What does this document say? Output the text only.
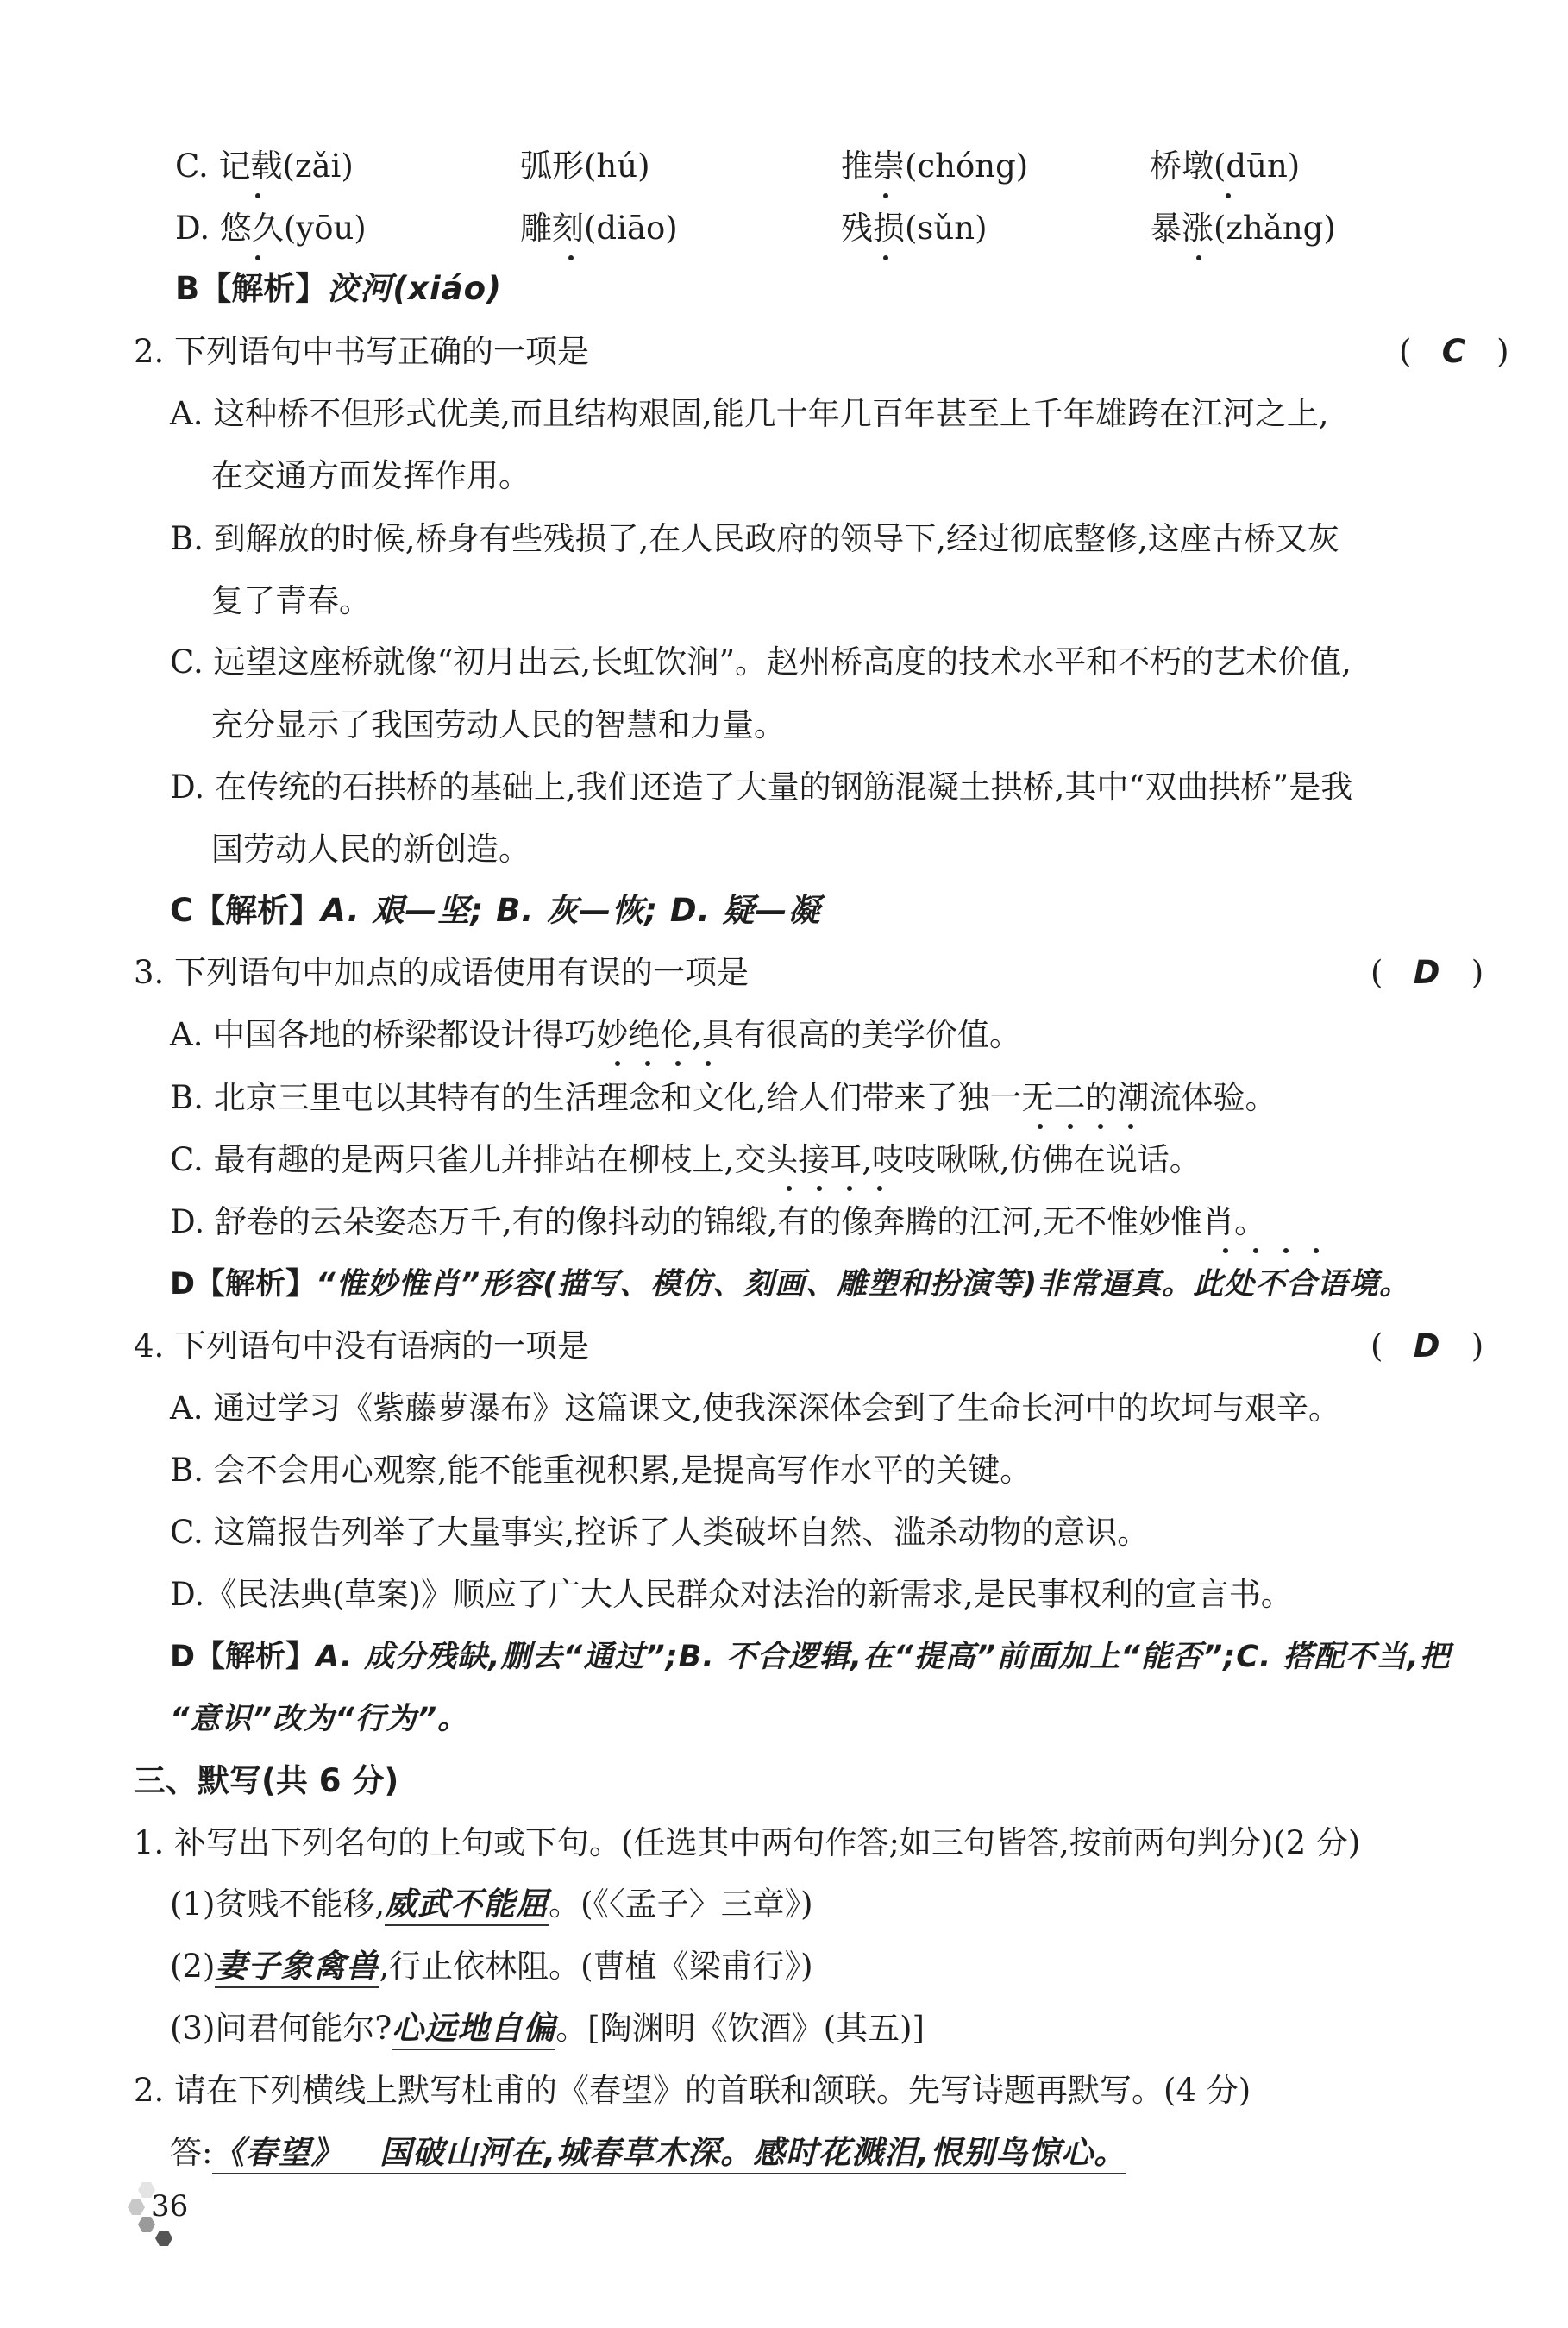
C. 记载(zǎi)	弧形(hú)	推崇(chóng)	桥墩(dūn)
D. 悠久(yōu)	雕刻(diāo)	残损(sǔn)	暴涨(zhǎng)
B【解析】洨河(xiáo)
2. 下列语句中书写正确的一项是	(   C   )
A. 这种桥不但形式优美,而且结构艰固,能几十年几百年甚至上千年雄跨在江河之上,
在交通方面发挥作用。
B. 到解放的时候,桥身有些残损了,在人民政府的领导下,经过彻底整修,这座古桥又灰
复了青春。
C. 远望这座桥就像“初月出云,长虹饮涧”。赵州桥高度的技术水平和不朽的艺术价值,
充分显示了我国劳动人民的智慧和力量。
D. 在传统的石拱桥的基础上,我们还造了大量的钢筋混凝土拱桥,其中“双曲拱桥”是我
国劳动人民的新创造。
C【解析】A. 艰—坚; B. 灰—恢; D. 疑—凝
3. 下列语句中加点的成语使用有误的一项是	(   D   )
A. 中国各地的桥梁都设计得巧妙绝伦,具有很高的美学价值。
B. 北京三里屯以其特有的生活理念和文化,给人们带来了独一无二的潮流体验。
C. 最有趣的是两只雀儿并排站在柳枝上,交头接耳,吱吱啾啾,仿佛在说话。
D. 舒卷的云朵姿态万千,有的像抖动的锦缎,有的像奔腾的江河,无不惟妙惟肖。
D【解析】“惟妙惟肖”形容(描写、模仿、刻画、雕塑和扮演等)非常逼真。此处不合语境。
4. 下列语句中没有语病的一项是	(   D   )
A. 通过学习《紫藤萝瀑布》这篇课文,使我深深体会到了生命长河中的坎坷与艰辛。
B. 会不会用心观察,能不能重视积累,是提高写作水平的关键。
C. 这篇报告列举了大量事实,控诉了人类破坏自然、滥杀动物的意识。
D.《民法典(草案)》顺应了广大人民群众对法治的新需求,是民事权利的宣言书。
D【解析】A. 成分残缺,删去“通过”;B. 不合逻辑,在“提高”前面加上“能否”;C. 搭配不当,把
“意识”改为“行为”。
三、默写(共 6 分)
1. 补写出下列名句的上句或下句。(任选其中两句作答;如三句皆答,按前两句判分)(2 分)
(1)贫贱不能移,威武不能屈。(《〈孟子〉三章》)
(2)妻子象禽兽,行止依林阻。(曹植《梁甫行》)
(3)问君何能尔?心远地自偏。[陶渊明《饮酒》(其五)]
2. 请在下列横线上默写杜甫的《春望》的首联和颔联。先写诗题再默写。(4 分)
答:《春望》   国破山河在,城春草木深。感时花溅泪,恨别鸟惊心。
36
